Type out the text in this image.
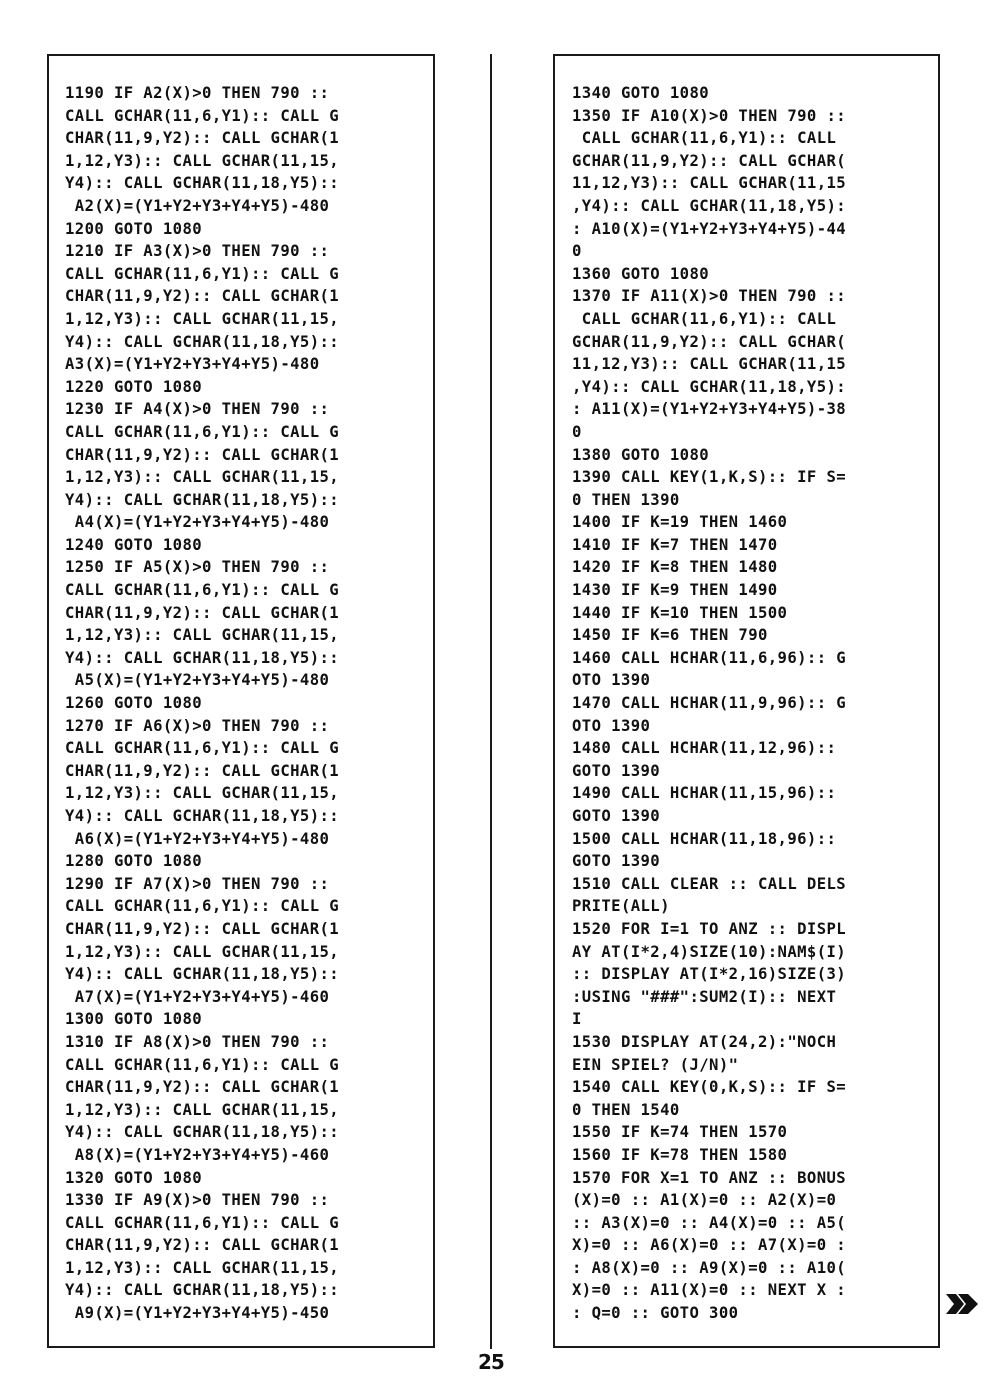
1190 IF A2(X)>0 THEN 790 ::
CALL GCHAR(11,6,Y1):: CALL G
CHAR(11,9,Y2):: CALL GCHAR(1
1,12,Y3):: CALL GCHAR(11,15,
Y4):: CALL GCHAR(11,18,Y5)::
A2(X)=(Y1+Y2+Y3+Y4+Y5)-480
1200 GOTO 1080
1210 IF A3(X)>0 THEN 790 ::
CALL GCHAR(11,6,Y1):: CALL G
CHAR(11,9,Y2):: CALL GCHAR(1
1,12,Y3):: CALL GCHAR(11,15,
Y4):: CALL GCHAR(11,18,Y5)::
A3(X)=(Y1+Y2+Y3+Y4+Y5)-480
1220 GOTO 1080
1230 IF A4(X)>0 THEN 790 ::
CALL GCHAR(11,6,Y1):: CALL G
CHAR(11,9,Y2):: CALL GCHAR(1
1,12,Y3):: CALL GCHAR(11,15,
Y4):: CALL GCHAR(11,18,Y5)::
A4(X)=(Y1+Y2+Y3+Y4+Y5)-480
1240 GOTO 1080
1250 IF A5(X)>0 THEN 790 ::
CALL GCHAR(11,6,Y1):: CALL G
CHAR(11,9,Y2):: CALL GCHAR(1
1,12,Y3):: CALL GCHAR(11,15,
Y4):: CALL GCHAR(11,18,Y5)::
A5(X)=(Y1+Y2+Y3+Y4+Y5)-480
1260 GOTO 1080
1270 IF A6(X)>0 THEN 790 ::
CALL GCHAR(11,6,Y1):: CALL G
CHAR(11,9,Y2):: CALL GCHAR(1
1,12,Y3):: CALL GCHAR(11,15,
Y4):: CALL GCHAR(11,18,Y5)::
A6(X)=(Y1+Y2+Y3+Y4+Y5)-480
1280 GOTO 1080
1290 IF A7(X)>0 THEN 790 ::
CALL GCHAR(11,6,Y1):: CALL G
CHAR(11,9,Y2):: CALL GCHAR(1
1,12,Y3):: CALL GCHAR(11,15,
Y4):: CALL GCHAR(11,18,Y5)::
A7(X)=(Y1+Y2+Y3+Y4+Y5)-460
1300 GOTO 1080
1310 IF A8(X)>0 THEN 790 ::
CALL GCHAR(11,6,Y1):: CALL G
CHAR(11,9,Y2):: CALL GCHAR(1
1,12,Y3):: CALL GCHAR(11,15,
Y4):: CALL GCHAR(11,18,Y5)::
A8(X)=(Y1+Y2+Y3+Y4+Y5)-460
1320 GOTO 1080
1330 IF A9(X)>0 THEN 790 ::
CALL GCHAR(11,6,Y1):: CALL G
CHAR(11,9,Y2):: CALL GCHAR(1
1,12,Y3):: CALL GCHAR(11,15,
Y4):: CALL GCHAR(11,18,Y5)::
A9(X)=(Y1+Y2+Y3+Y4+Y5)-450
1340 GOTO 1080
1350 IF A10(X)>0 THEN 790 ::
CALL GCHAR(11,6,Y1):: CALL
GCHAR(11,9,Y2):: CALL GCHAR(
11,12,Y3):: CALL GCHAR(11,15
,Y4):: CALL GCHAR(11,18,Y5):
: A10(X)=(Y1+Y2+Y3+Y4+Y5)-44
0
1360 GOTO 1080
1370 IF A11(X)>0 THEN 790 ::
CALL GCHAR(11,6,Y1):: CALL
GCHAR(11,9,Y2):: CALL GCHAR(
11,12,Y3):: CALL GCHAR(11,15
,Y4):: CALL GCHAR(11,18,Y5):
: A11(X)=(Y1+Y2+Y3+Y4+Y5)-38
0
1380 GOTO 1080
1390 CALL KEY(1,K,S):: IF S=
0 THEN 1390
1400 IF K=19 THEN 1460
1410 IF K=7 THEN 1470
1420 IF K=8 THEN 1480
1430 IF K=9 THEN 1490
1440 IF K=10 THEN 1500
1450 IF K=6 THEN 790
1460 CALL HCHAR(11,6,96):: G
OTO 1390
1470 CALL HCHAR(11,9,96):: G
OTO 1390
1480 CALL HCHAR(11,12,96)::
GOTO 1390
1490 CALL HCHAR(11,15,96)::
GOTO 1390
1500 CALL HCHAR(11,18,96)::
GOTO 1390
1510 CALL CLEAR :: CALL DELS
PRITE(ALL)
1520 FOR I=1 TO ANZ :: DISPL
AY AT(I*2,4)SIZE(10):NAM$(I)
:: DISPLAY AT(I*2,16)SIZE(3)
:USING "###":SUM2(I):: NEXT
I
1530 DISPLAY AT(24,2):"NOCH
EIN SPIEL? (J/N)"
1540 CALL KEY(0,K,S):: IF S=
0 THEN 1540
1550 IF K=74 THEN 1570
1560 IF K=78 THEN 1580
1570 FOR X=1 TO ANZ :: BONUS
(X)=0 :: A1(X)=0 :: A2(X)=0
:: A3(X)=0 :: A4(X)=0 :: A5(
X)=0 :: A6(X)=0 :: A7(X)=0 :
: A8(X)=0 :: A9(X)=0 :: A10(
X)=0 :: A11(X)=0 :: NEXT X :
: Q=0 :: GOTO 300
25
